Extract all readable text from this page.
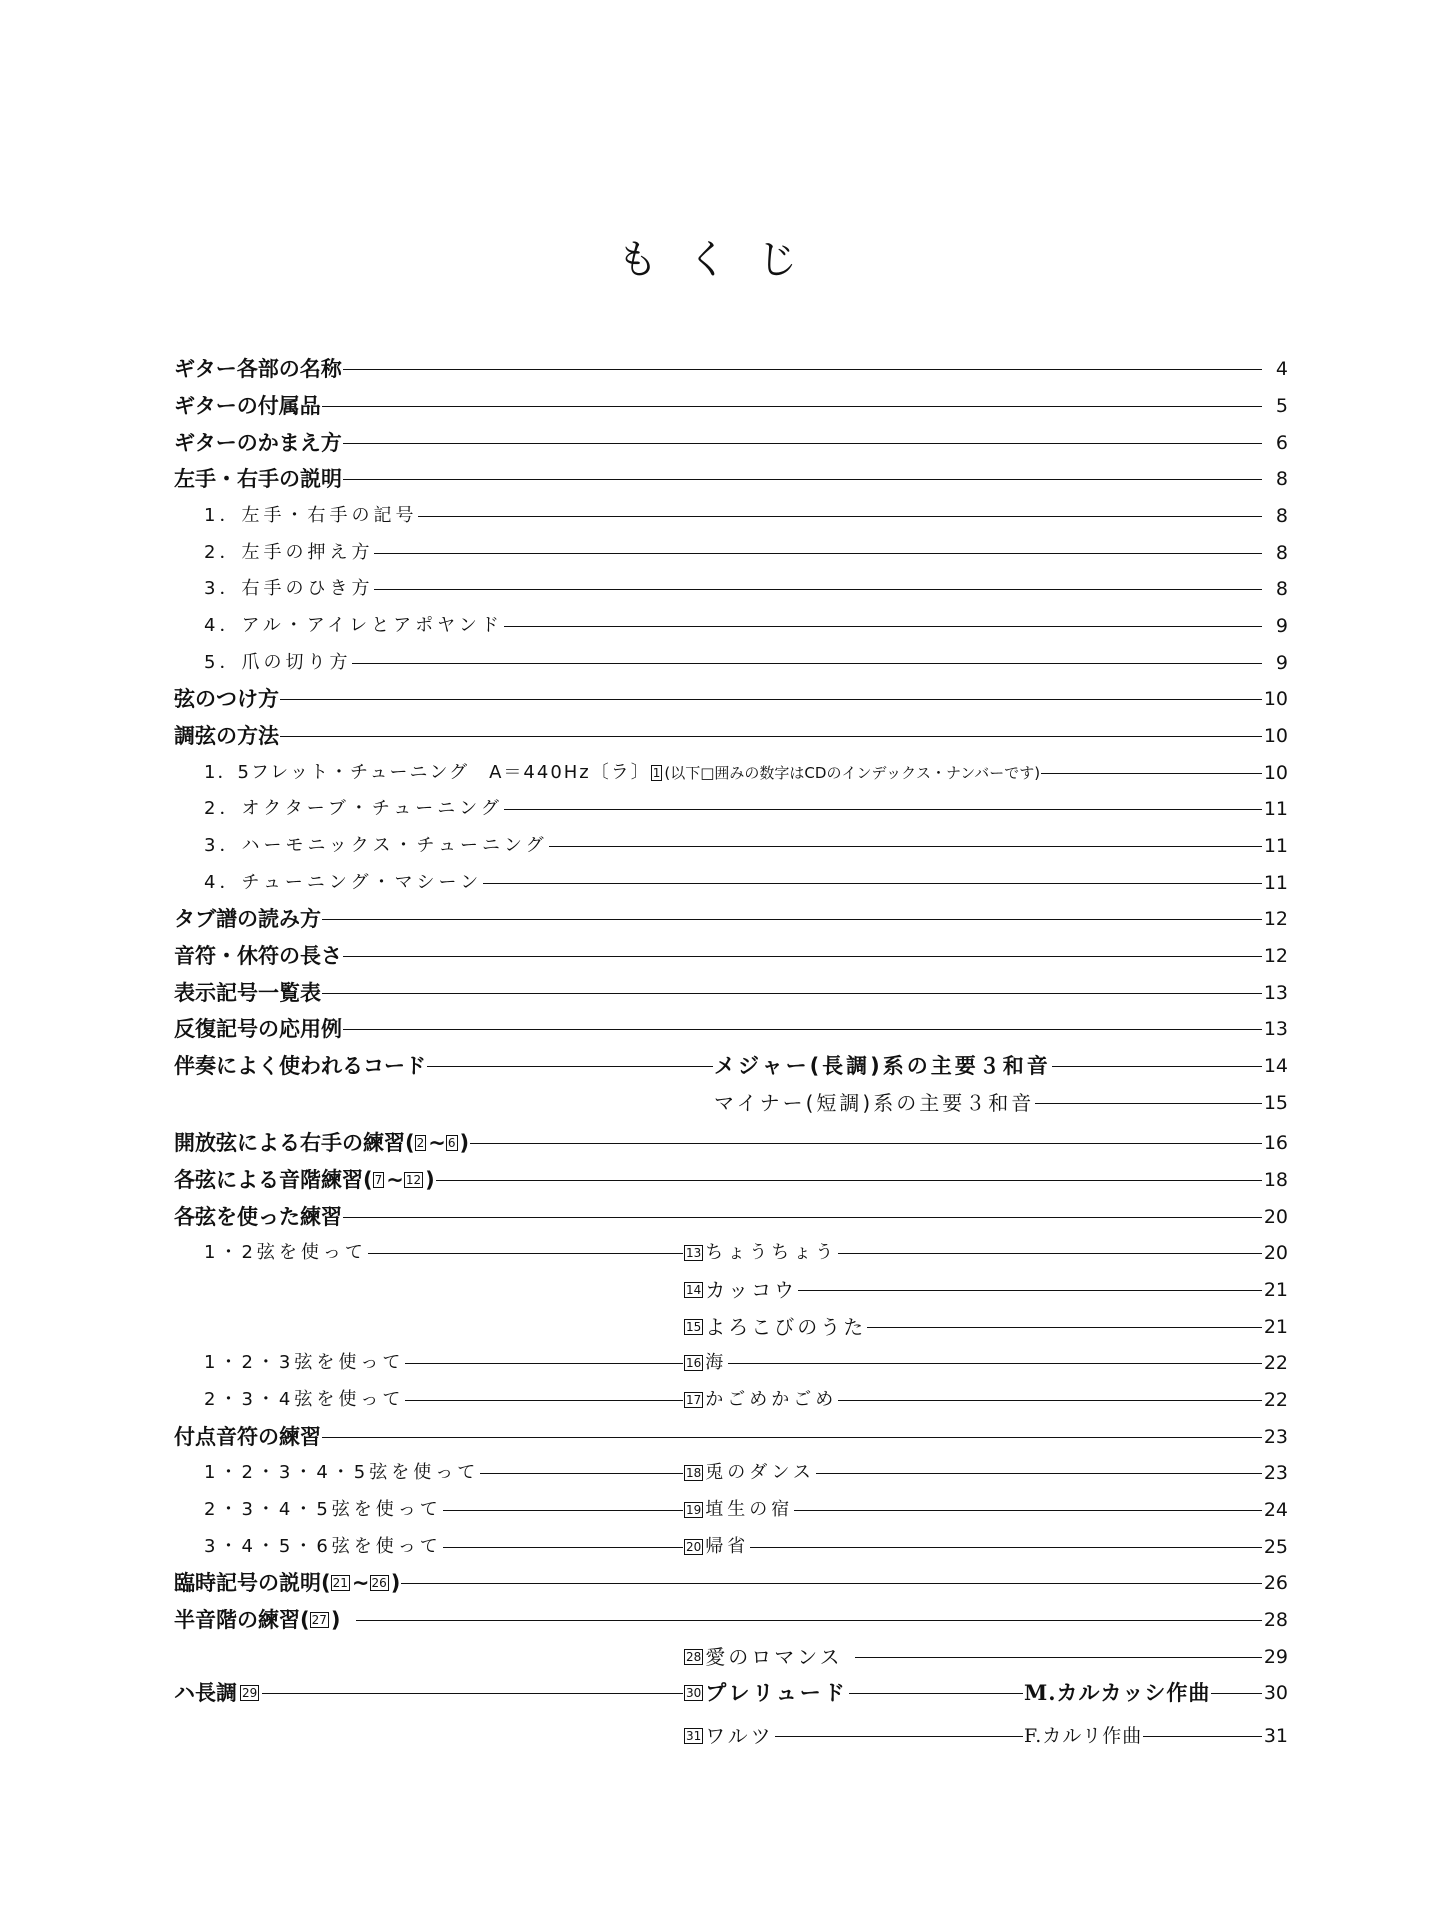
もくじ
ギター各部の名称	4
ギターの付属品	5
ギターのかまえ方	6
左手・右手の説明	8
1．左手・右手の記号	8
2．左手の押え方	8
3．右手のひき方	8
4．アル・アイレとアポヤンド	9
5．爪の切り方	9
弦のつけ方	10
調弦の方法	10
1．5フレット・チューニング　A＝440Hz〔ラ〕 1 (以下□囲みの数字はCDのインデックス・ナンバーです)	10
2．オクターブ・チューニング	11
3．ハーモニックス・チューニング	11
4．チューニング・マシーン	11
タブ譜の読み方	12
音符・休符の長さ	12
表示記号一覧表	13
反復記号の応用例	13
伴奏によく使われるコード	メジャー(長調)系の主要３和音	14
マイナー(短調)系の主要３和音	15
開放弦による右手の練習 ( 2 ~ 6 )	16
各弦による音階練習 ( 7 ~ 12 )	18
各弦を使った練習	20
1・2弦を使って	13 ちょうちょう	20
14 カッコウ	21
15 よろこびのうた	21
1・2・3弦を使って	16 海	22
2・3・4弦を使って	17 かごめかごめ	22
付点音符の練習	23
1・2・3・4・5弦を使って	18 兎のダンス	23
2・3・4・5弦を使って	19 埴生の宿	24
3・4・5・6弦を使って	20 帰省	25
臨時記号の説明 ( 21 ~ 26 )	26
半音階の練習 ( 27 )	28
28 愛のロマンス	29
ハ長調 29	30 プレリュード	M.カルカッシ作曲	30
31 ワルツ	F.カルリ作曲	31
